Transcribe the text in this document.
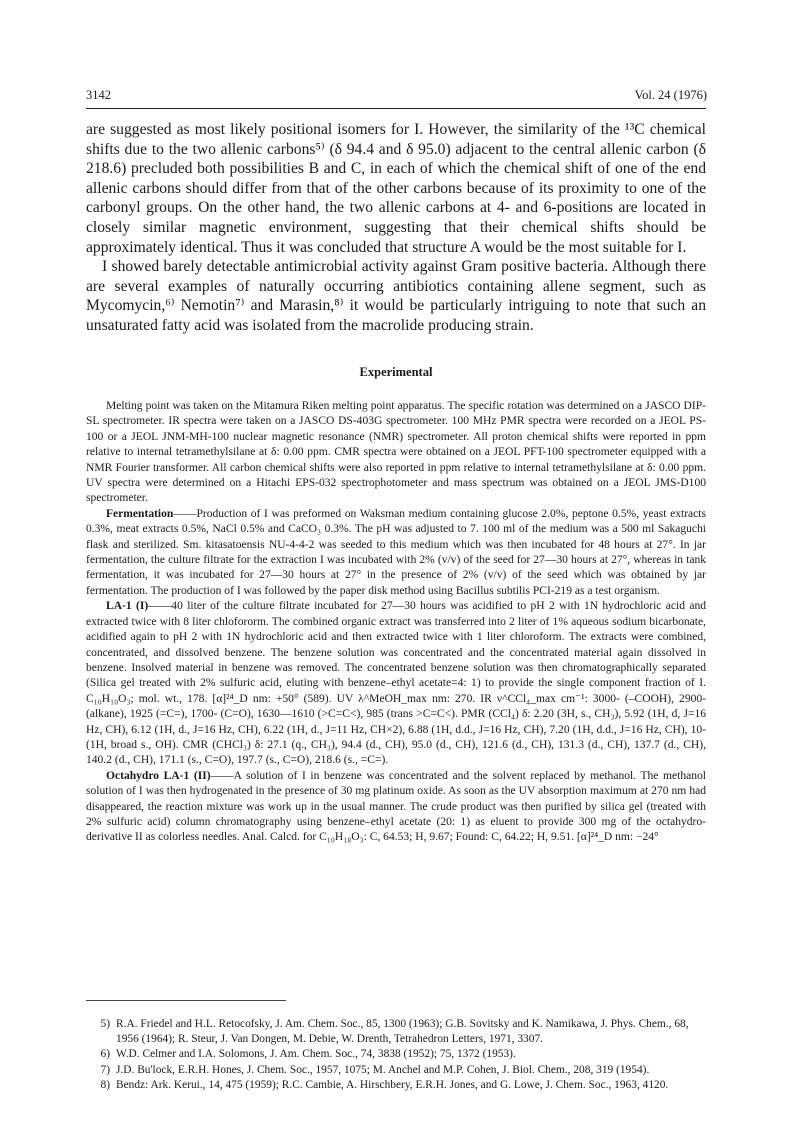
3142	Vol. 24 (1976)

are suggested as most likely positional isomers for I. However, the similarity of the ¹³C chemical shifts due to the two allenic carbons⁵⁾ (δ 94.4 and δ 95.0) adjacent to the central allenic carbon (δ 218.6) precluded both possibilities B and C, in each of which the chemical shift of one of the end allenic carbons should differ from that of the other carbons because of its proximity to one of the carbonyl groups. On the other hand, the two allenic carbons at 4- and 6-positions are located in closely similar magnetic environment, suggesting that their chemical shifts should be approximately identical. Thus it was concluded that structure A would be the most suitable for I.

I showed barely detectable antimicrobial activity against Gram positive bacteria. Although there are several examples of naturally occurring antibiotics containing allene segment, such as Mycomycin,⁶⁾ Nemotin⁷⁾ and Marasin,⁸⁾ it would be particularly intriguing to note that such an unsaturated fatty acid was isolated from the macrolide producing strain.

Experimental

Melting point was taken on the Mitamura Riken melting point apparatus. The specific rotation was determined on a JASCO DIP-SL spectrometer. IR spectra were taken on a JASCO DS-403G spectrometer. 100 MHz PMR spectra were recorded on a JEOL PS-100 or a JEOL JNM-MH-100 nuclear magnetic resonance (NMR) spectrometer. All proton chemical shifts were reported in ppm relative to internal tetramethylsilane at δ: 0.00 ppm. CMR spectra were obtained on a JEOL PFT-100 spectrometer equipped with a NMR Fourier transformer. All carbon chemical shifts were also reported in ppm relative to internal tetramethylsilane at δ: 0.00 ppm. UV spectra were determined on a Hitachi EPS-032 spectrophotometer and mass spectrum was obtained on a JEOL JMS-D100 spectrometer.

Fermentation——Production of I was preformed on Waksman medium containing glucose 2.0%, peptone 0.5%, yeast extracts 0.3%, meat extracts 0.5%, NaCl 0.5% and CaCO₃ 0.3%. The pH was adjusted to 7. 100 ml of the medium was a 500 ml Sakaguchi flask and sterilized. Sm. kitasatoensis NU-4-4-2 was seeded to this medium which was then incubated for 48 hours at 27°. In jar fermentation, the culture filtrate for the extraction I was incubated with 2% (v/v) of the seed for 27—30 hours at 27°, whereas in tank fermentation, it was incubated for 27—30 hours at 27° in the presence of 2% (v/v) of the seed which was obtained by jar fermentation. The production of I was followed by the paper disk method using Bacillus subtilis PCI-219 as a test organism.

LA-1 (I)——40 liter of the culture filtrate incubated for 27—30 hours was acidified to pH 2 with 1N hydrochloric acid and extracted twice with 8 liter chlofororm. The combined organic extract was transferred into 2 liter of 1% aqueous sodium bicarbonate, acidified again to pH 2 with 1N hydrochloric acid and then extracted twice with 1 liter chloroform. The extracts were combined, concentrated, and dissolved benzene. The benzene solution was concentrated and the concentrated material again dissolved in benzene. Insolved material in benzene was removed. The concentrated benzene solution was then chromatographically separated (Silica gel treated with 2% sulfuric acid, eluting with benzene–ethyl acetate=4: 1) to provide the single component fraction of I. C₁₀H₁₀O₃; mol. wt., 178. [α]²⁴_D nm: +50° (589). UV λ^MeOH_max nm: 270. IR ν^CCl₄_max cm⁻¹: 3000- (–COOH), 2900- (alkane), 1925 (=C=), 1700- (C=O), 1630—1610 (>C=C<), 985 (trans >C=C<). PMR (CCl₄) δ: 2.20 (3H, s., CH₃), 5.92 (1H, d, J=16 Hz, CH), 6.12 (1H, d., J=16 Hz, CH), 6.22 (1H, d., J=11 Hz, CH×2), 6.88 (1H, d.d., J=16 Hz, CH), 7.20 (1H, d.d., J=16 Hz, CH), 10- (1H, broad s., OH). CMR (CHCl₃) δ: 27.1 (q., CH₃), 94.4 (d., CH), 95.0 (d., CH), 121.6 (d., CH), 131.3 (d., CH), 137.7 (d., CH), 140.2 (d., CH), 171.1 (s., C=O), 197.7 (s., C=O), 218.6 (s., =C=).

Octahydro LA-1 (II)——A solution of I in benzene was concentrated and the solvent replaced by methanol. The methanol solution of I was then hydrogenated in the presence of 30 mg platinum oxide. As soon as the UV absorption maximum at 270 nm had disappeared, the reaction mixture was work up in the usual manner. The crude product was then purified by silica gel (treated with 2% sulfuric acid) column chromatography using benzene–ethyl acetate (20: 1) as eluent to provide 300 mg of the octahydro-derivative II as colorless needles. Anal. Calcd. for C₁₀H₁₈O₃: C, 64.53; H, 9.67; Found: C, 64.22; H, 9.51. [α]²⁴_D nm: −24°

5) R.A. Friedel and H.L. Retocofsky, J. Am. Chem. Soc., 85, 1300 (1963); G.B. Sovitsky and K. Namikawa, J. Phys. Chem., 68, 1956 (1964); R. Steur, J. Van Dongen, M. Debie, W. Drenth, Tetrahedron Letters, 1971, 3307.
6) W.D. Celmer and I.A. Solomons, J. Am. Chem. Soc., 74, 3838 (1952); 75, 1372 (1953).
7) J.D. Bu'lock, E.R.H. Hones, J. Chem. Soc., 1957, 1075; M. Anchel and M.P. Cohen, J. Biol. Chem., 208, 319 (1954).
8) Bendz: Ark. Kerui., 14, 475 (1959); R.C. Cambie, A. Hirschbery, E.R.H. Jones, and G. Lowe, J. Chem. Soc., 1963, 4120.
